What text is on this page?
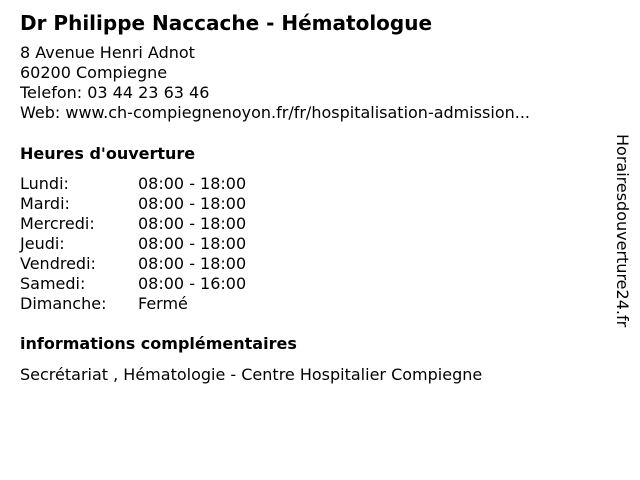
Dr Philippe Naccache - Hématologue
8 Avenue Henri Adnot
60200 Compiegne
Telefon: 03 44 23 63 46
Web: www.ch-compiegnenoyon.fr/fr/hospitalisation-admission...
Heures d'ouverture
Lundi:	08:00 - 18:00
Mardi:	08:00 - 18:00
Mercredi:	08:00 - 18:00
Jeudi:	08:00 - 18:00
Vendredi:	08:00 - 18:00
Samedi:	08:00 - 16:00
Dimanche: Fermé
informations complémentaires
Secrétariat , Hématologie - Centre Hospitalier Compiegne
Horairesdouverture24.fr
